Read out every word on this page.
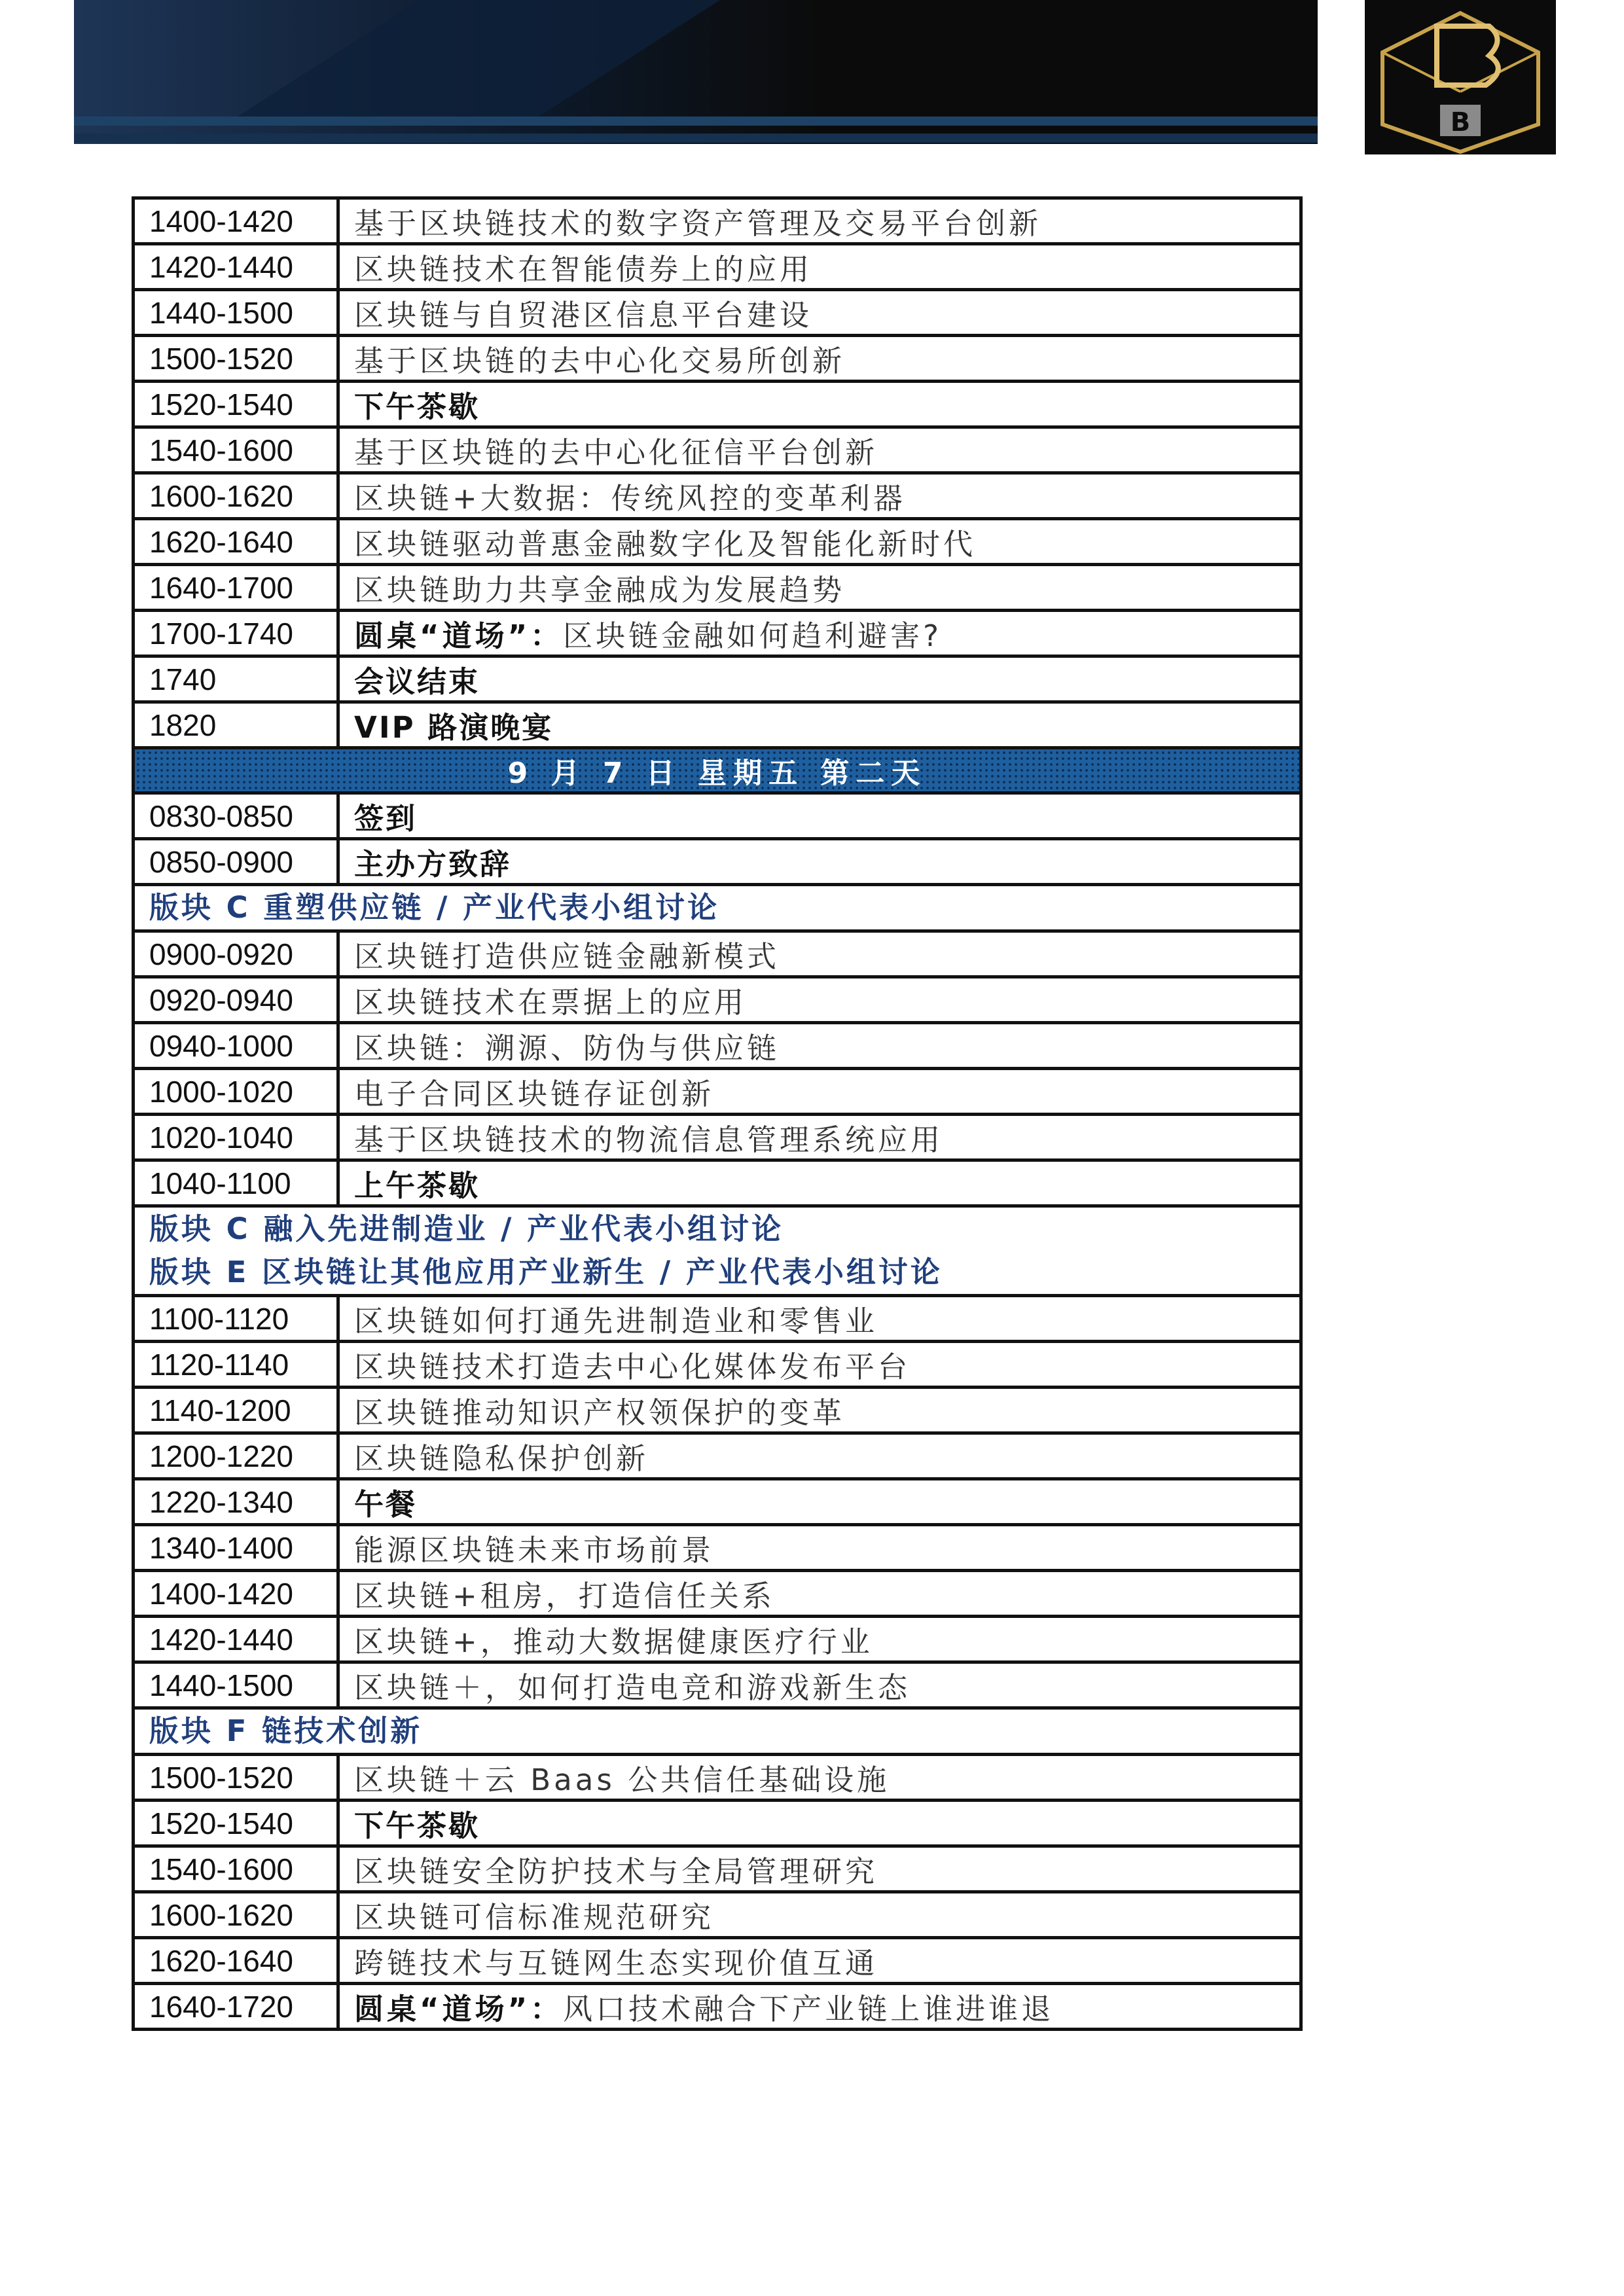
B
1400-1420	基于区块链技术的数字资产管理及交易平台创新
1420-1440	区块链技术在智能债券上的应用
1440-1500	区块链与自贸港区信息平台建设
1500-1520	基于区块链的去中心化交易所创新
1520-1540	下午茶歇
1540-1600	基于区块链的去中心化征信平台创新
1600-1620	区块链+大数据：传统风控的变革利器
1620-1640	区块链驱动普惠金融数字化及智能化新时代
1640-1700	区块链助力共享金融成为发展趋势
1700-1740	圆桌“道场”：区块链金融如何趋利避害?
1740	会议结束
1820	VIP 路演晚宴
9 月 7 日 星期五 第二天	
0830-0850	签到
0850-0900	主办方致辞

版块 C 重塑供应链 / 产业代表小组讨论	

0900-0920	区块链打造供应链金融新模式
0920-0940	区块链技术在票据上的应用
0940-1000	区块链：溯源、防伪与供应链
1000-1020	电子合同区块链存证创新
1020-1040	基于区块链技术的物流信息管理系统应用
1040-1100	上午茶歇

版块 C 融入先进制造业 / 产业代表小组讨论
版块 E 区块链让其他应用产业新生 / 产业代表小组讨论	

1100-1120	区块链如何打通先进制造业和零售业
1120-1140	区块链技术打造去中心化媒体发布平台
1140-1200	区块链推动知识产权领保护的变革
1200-1220	区块链隐私保护创新
1220-1340	午餐
1340-1400	能源区块链未来市场前景
1400-1420	区块链+租房，打造信任关系
1420-1440	区块链+，推动大数据健康医疗行业
1440-1500	区块链＋，如何打造电竞和游戏新生态

版块 F 链技术创新	

1500-1520	区块链＋云 Baas 公共信任基础设施
1520-1540	下午茶歇
1540-1600	区块链安全防护技术与全局管理研究
1600-1620	区块链可信标准规范研究
1620-1640	跨链技术与互链网生态实现价值互通
1640-1720	圆桌“道场”：风口技术融合下产业链上谁进谁退
